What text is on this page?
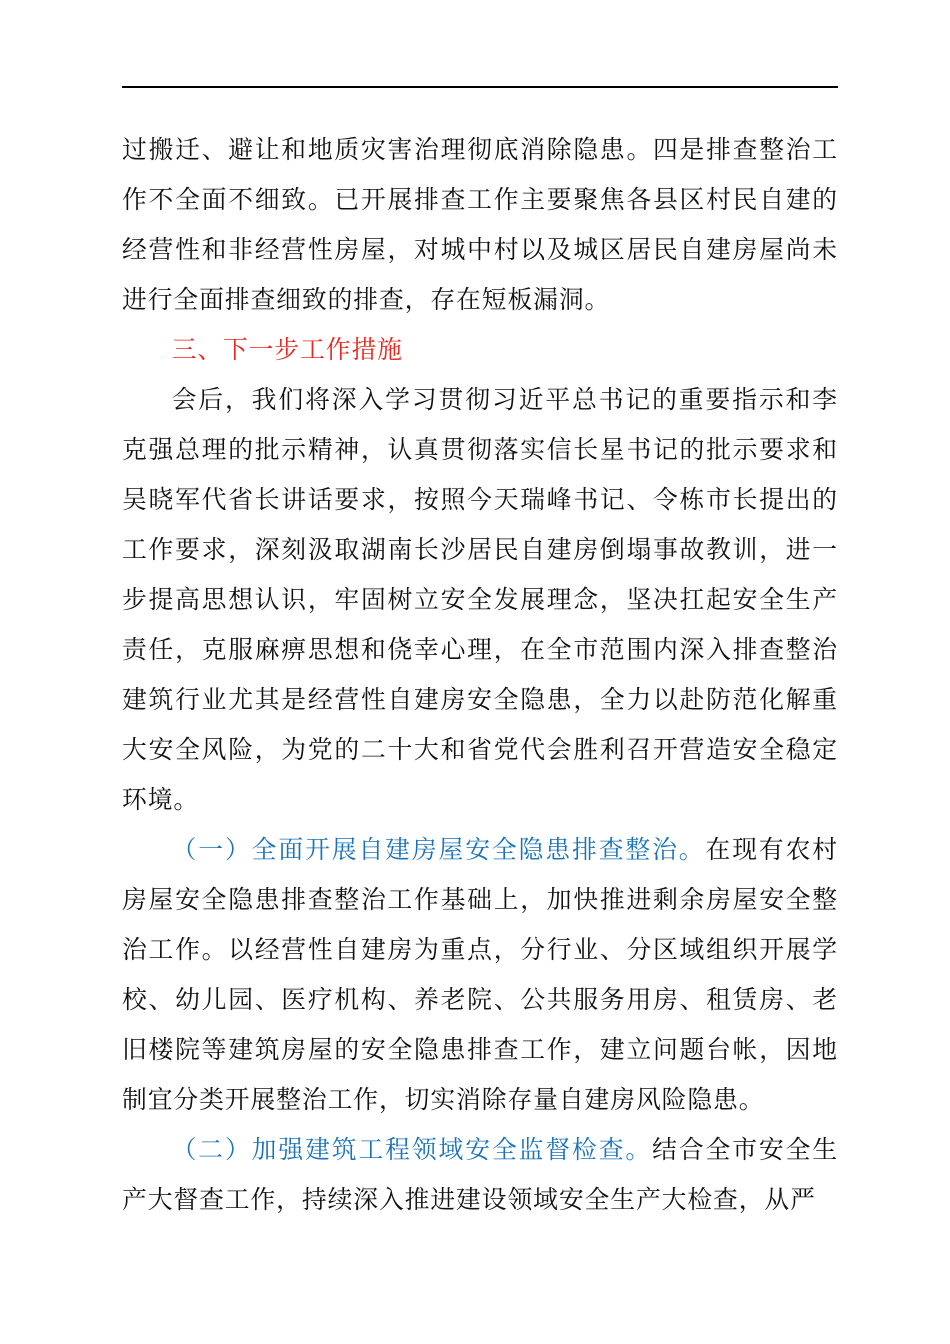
过搬迁、避让和地质灾害治理彻底消除隐患。四是排查整治工作不全面不细致。已开展排查工作主要聚焦各县区村民自建的经营性和非经营性房屋，对城中村以及城区居民自建房屋尚未进行全面排查细致的排查，存在短板漏洞。

三、下一步工作措施

会后，我们将深入学习贯彻习近平总书记的重要指示和李克强总理的批示精神，认真贯彻落实信长星书记的批示要求和吴晓军代省长讲话要求，按照今天瑞峰书记、令栋市长提出的工作要求，深刻汲取湖南长沙居民自建房倒塌事故教训，进一步提高思想认识，牢固树立安全发展理念，坚决扛起安全生产责任，克服麻痹思想和侥幸心理，在全市范围内深入排查整治建筑行业尤其是经营性自建房安全隐患，全力以赴防范化解重大安全风险，为党的二十大和省党代会胜利召开营造安全稳定环境。

（一）全面开展自建房屋安全隐患排查整治。在现有农村房屋安全隐患排查整治工作基础上，加快推进剩余房屋安全整治工作。以经营性自建房为重点，分行业、分区域组织开展学校、幼儿园、医疗机构、养老院、公共服务用房、租赁房、老旧楼院等建筑房屋的安全隐患排查工作，建立问题台帐，因地制宜分类开展整治工作，切实消除存量自建房风险隐患。

（二）加强建筑工程领域安全监督检查。结合全市安全生产大督查工作，持续深入推进建设领域安全生产大检查，从严
